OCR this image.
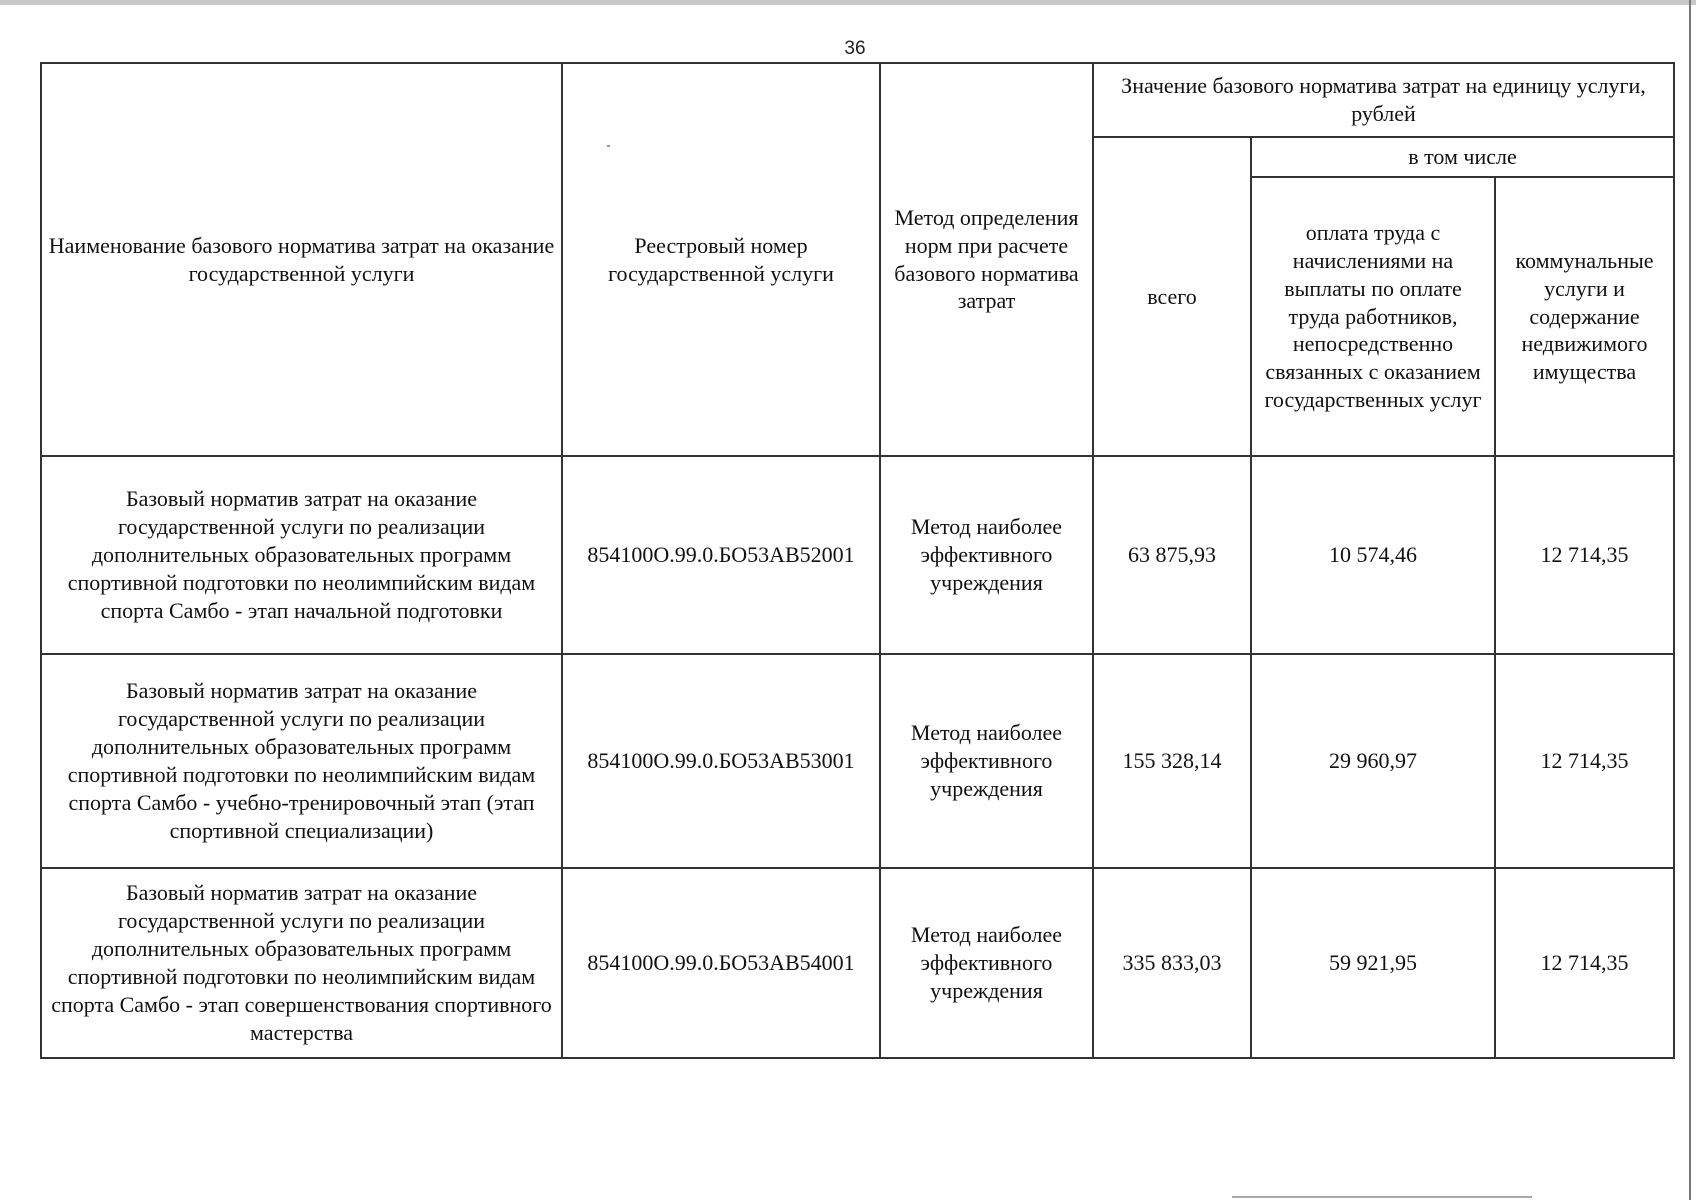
36
Наименование базового норматива затрат на оказание государственной услуги	Реестровый номер государственной услуги	Метод определения норм при расчете базового норматива затрат	Значение базового норматива затрат на единицу услуги, рублей		
			всего	в том числе	
				оплата труда с начислениями на выплаты по оплате труда работников, непосредственно связанных с оказанием государственных услуг	коммунальные услуги и содержание недвижимого имущества
Базовый норматив затрат на оказание государственной услуги по реализации дополнительных образовательных программ спортивной подготовки по неолимпийским видам спорта Самбо - этап начальной подготовки	854100О.99.0.БО53АВ52001	Метод наиболее эффективного учреждения	63 875,93	10 574,46	12 714,35
Базовый норматив затрат на оказание государственной услуги по реализации дополнительных образовательных программ спортивной подготовки по неолимпийским видам спорта Самбо - учебно-тренировочный этап (этап спортивной специализации)	854100О.99.0.БО53АВ53001	Метод наиболее эффективного учреждения	155 328,14	29 960,97	12 714,35
Базовый норматив затрат на оказание государственной услуги по реализации дополнительных образовательных программ спортивной подготовки по неолимпийским видам спорта Самбо - этап совершенствования спортивного мастерства	854100О.99.0.БО53АВ54001	Метод наиболее эффективного учреждения	335 833,03	59 921,95	12 714,35
